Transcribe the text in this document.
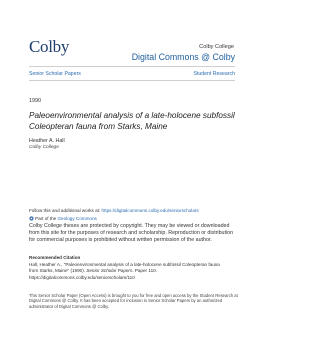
Colby	Colby College
Digital Commons @ Colby
Senior Scholar Papers	Student Research
1990
Paleoenvironmental analysis of a late-holocene subfossil Coleopteran fauna from Starks, Maine
Heather A. Hall
Colby College
Follow this and additional works at: https://digitalcommons.colby.edu/seniorscholars
Part of the Geology Commons
Colby College theses are protected by copyright. They may be viewed or downloaded from this site for the purposes of research and scholarship. Reproduction or distribution for commercial purposes is prohibited without written permission of the author.
Recommended Citation
Hall, Heather A., "Paleoenvironmental analysis of a late-holocene subfossil Coleopteran fauna
from Starks, Maine" (1990). Senior Scholar Papers. Paper 110.
https://digitalcommons.colby.edu/seniorscholars/110
This Senior Scholar Paper (Open Access) is brought to you for free and open access by the Student Research at Digital Commons @ Colby. It has been accepted for inclusion in Senior Scholar Papers by an authorized administrator of Digital Commons @ Colby.
